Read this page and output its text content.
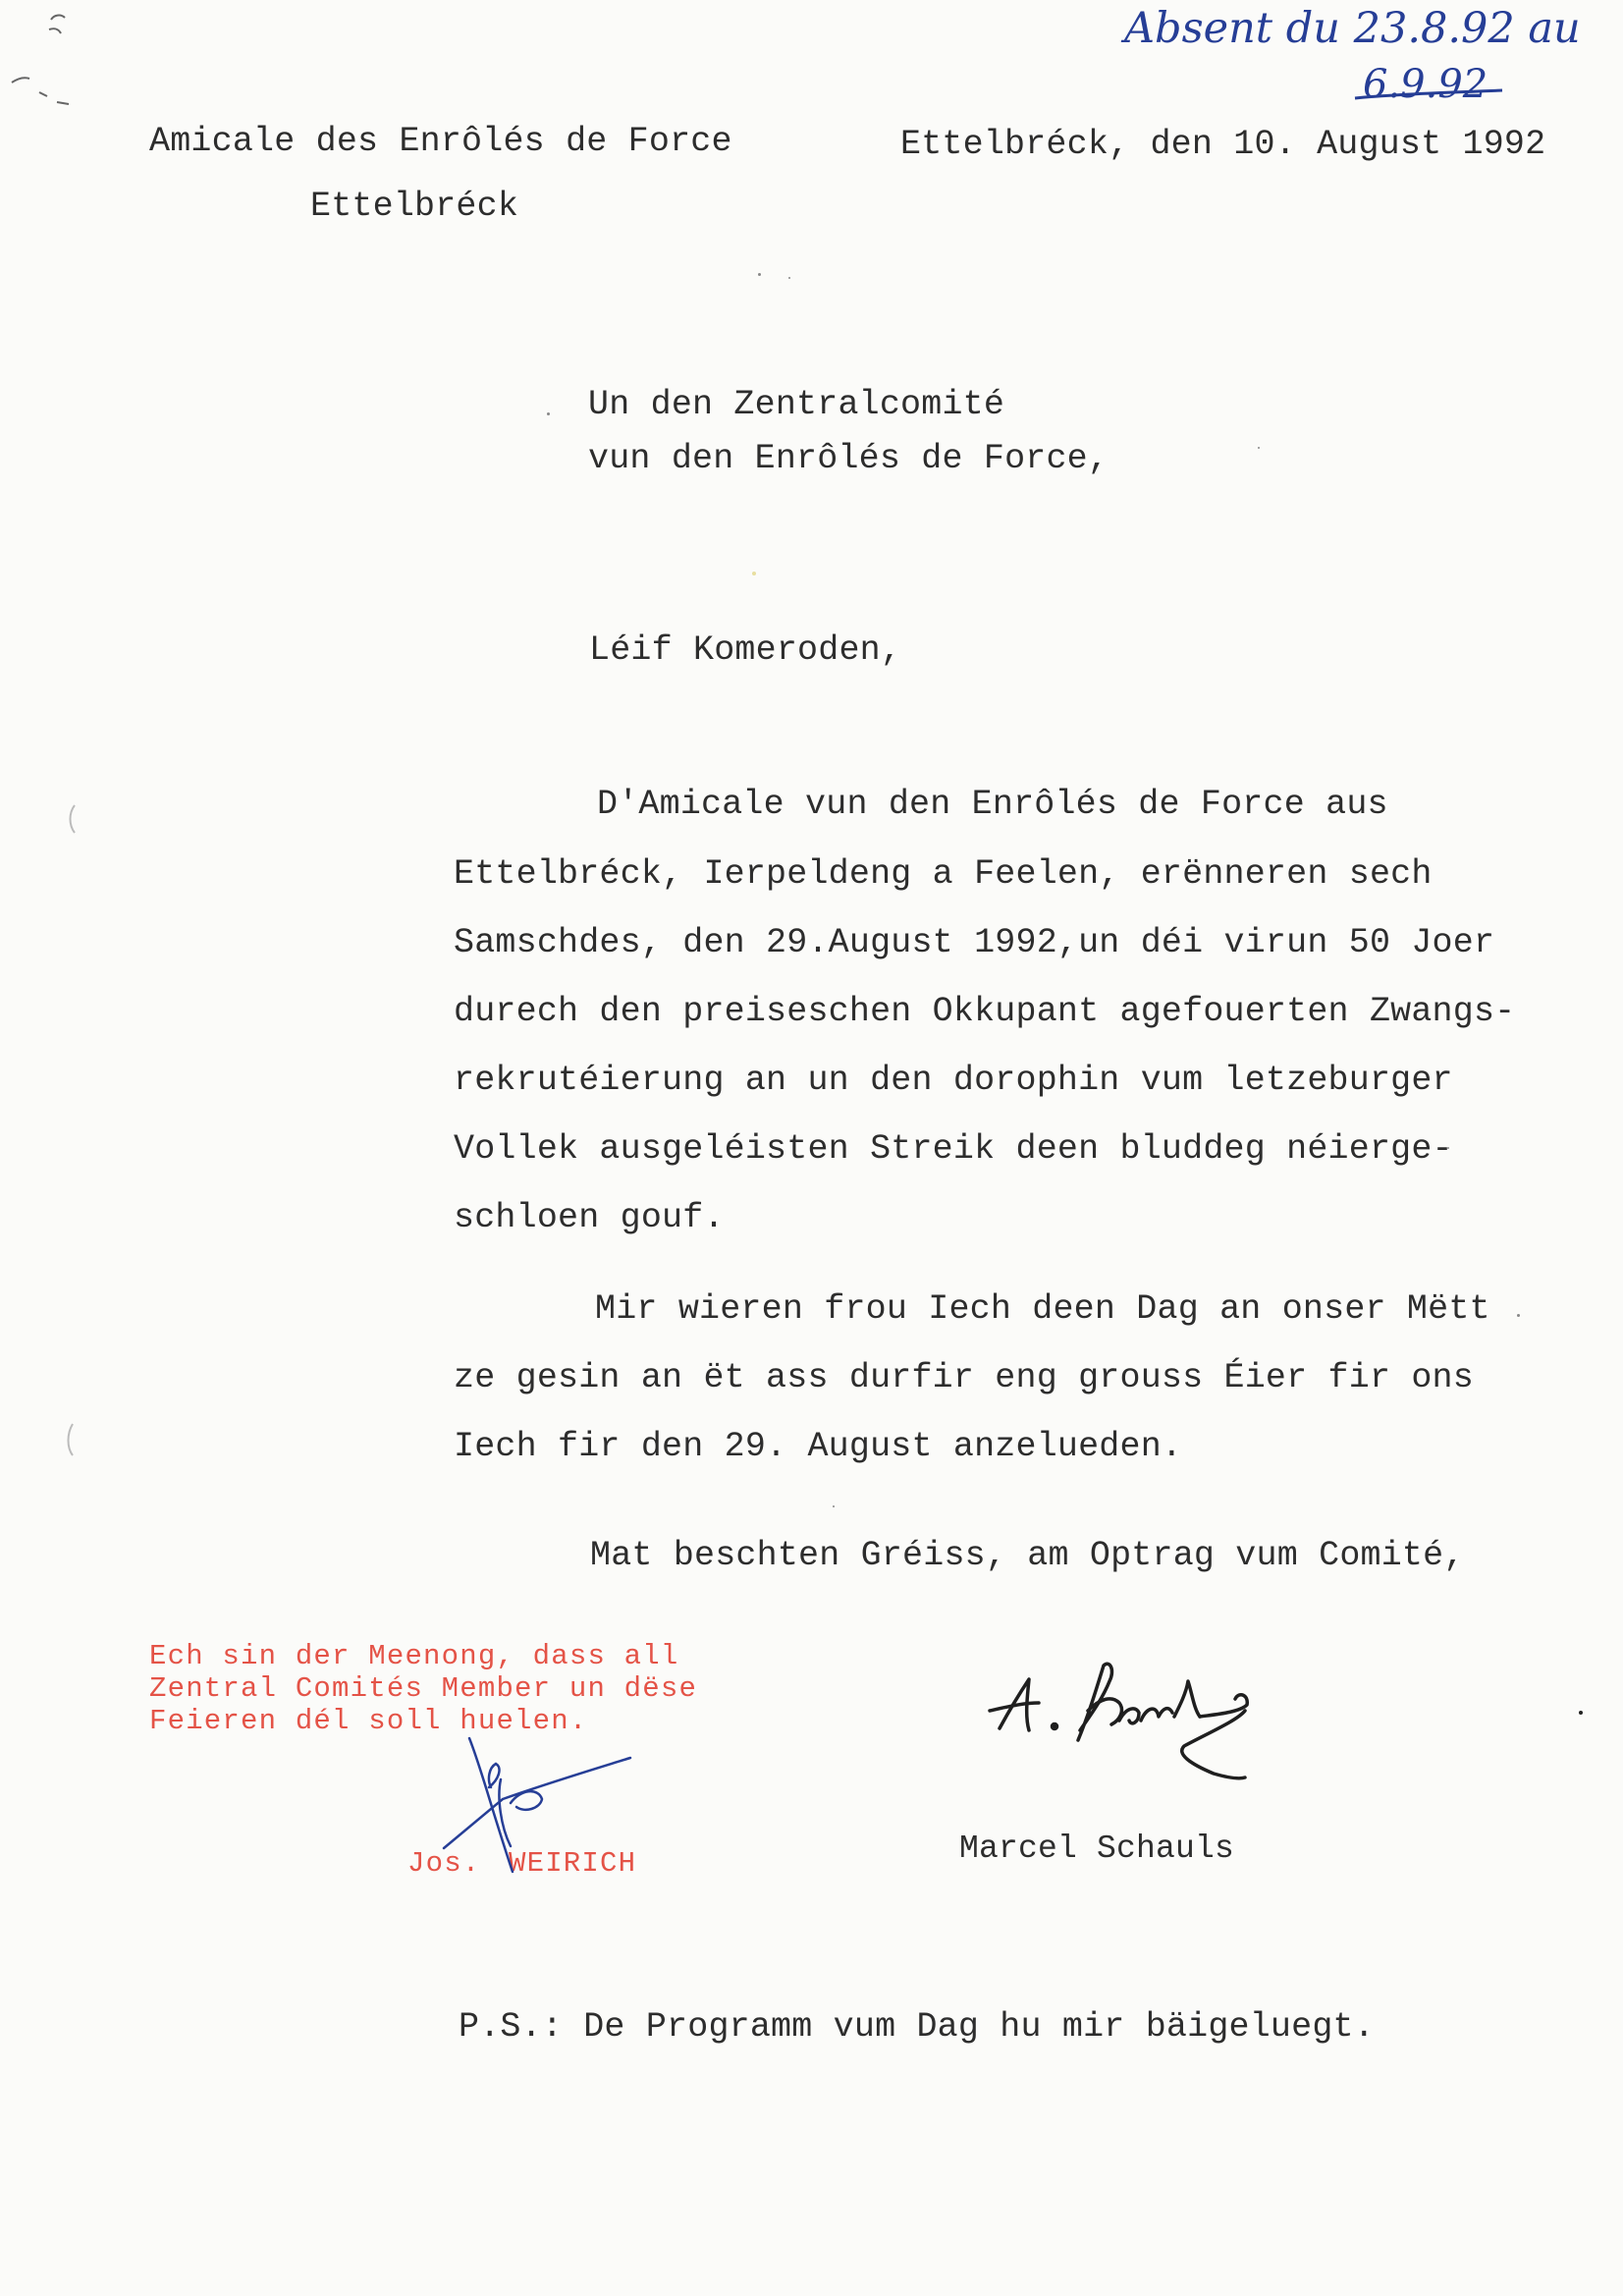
Absent du 23.8.92 au
6.9.92
Amicale des Enrôlés de Force
Ettelbréck
Ettelbréck, den 10. August 1992
Un den Zentralcomité
vun den Enrôlés de Force,
Léif Komeroden,
D'Amicale vun den Enrôlés de Force aus
Ettelbréck, Ierpeldeng a Feelen, erënneren sech
Samschdes, den 29.August 1992,un déi virun 50 Joer
durech den preiseschen Okkupant agefouerten Zwangs-
rekrutéierung an un den dorophin vum letzeburger
Vollek ausgeléisten Streik deen bluddeg néierge-
schloen gouf.
Mir wieren frou Iech deen Dag an onser Mëtt
ze gesin an ët ass durfir eng grouss Éier fir ons
Iech fir den 29. August anzelueden.
Mat beschten Gréiss, am Optrag vum Comité,
Ech sin der Meenong, dass all
Zentral Comités Member un dëse
Feieren dél soll huelen.
Jos. WEIRICH	Marcel Schauls
P.S.: De Programm vum Dag hu mir bäigeluegt.
